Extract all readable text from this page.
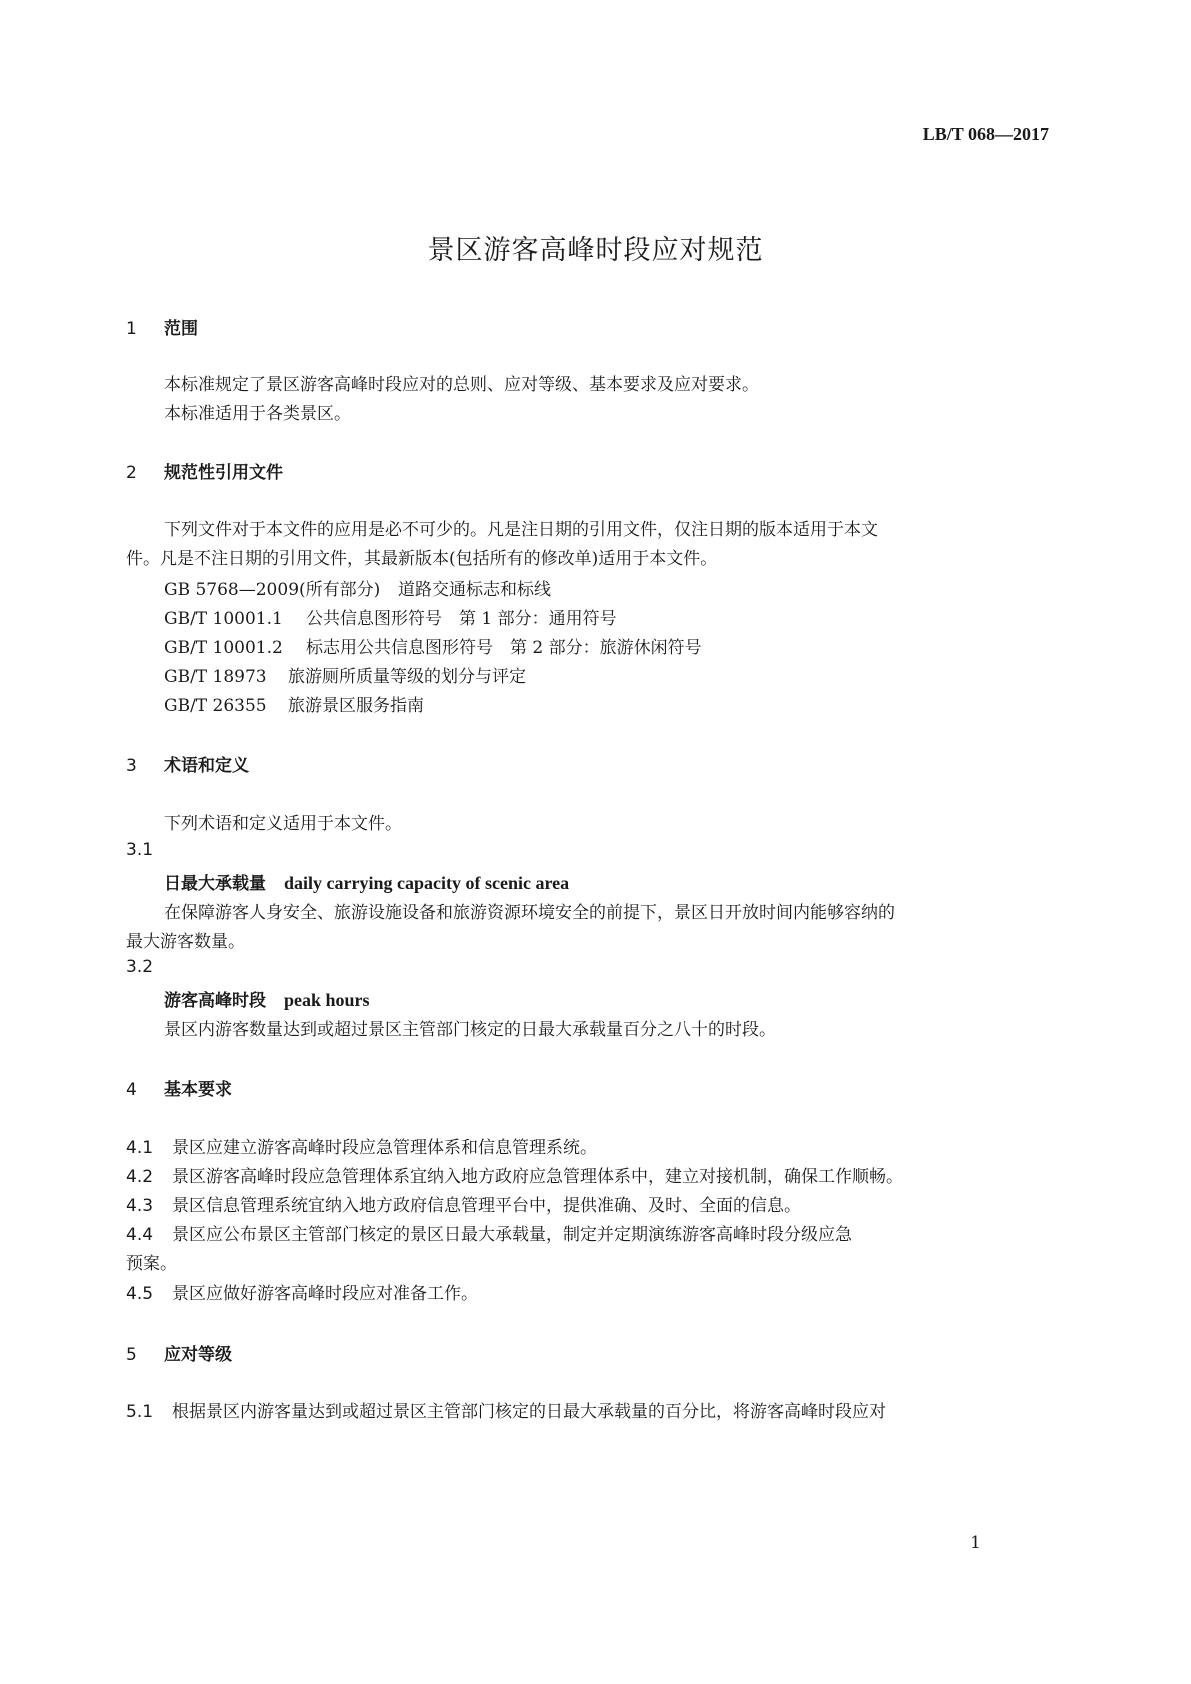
LB/T 068—2017
景区游客高峰时段应对规范
1 范围
本标准规定了景区游客高峰时段应对的总则、应对等级、基本要求及应对要求。
本标准适用于各类景区。
2 规范性引用文件
下列文件对于本文件的应用是必不可少的。凡是注日期的引用文件，仅注日期的版本适用于本文
件。凡是不注日期的引用文件，其最新版本(包括所有的修改单)适用于本文件。
GB 5768—2009(所有部分) 道路交通标志和标线
GB/T 10001.1 公共信息图形符号　第 1 部分：通用符号
GB/T 10001.2 标志用公共信息图形符号　第 2 部分：旅游休闲符号
GB/T 18973 旅游厕所质量等级的划分与评定
GB/T 26355 旅游景区服务指南
3 术语和定义
下列术语和定义适用于本文件。
3.1
日最大承载量 daily carrying capacity of scenic area
在保障游客人身安全、旅游设施设备和旅游资源环境安全的前提下，景区日开放时间内能够容纳的
最大游客数量。
3.2
游客高峰时段 peak hours
景区内游客数量达到或超过景区主管部门核定的日最大承载量百分之八十的时段。
4 基本要求
4.1 景区应建立游客高峰时段应急管理体系和信息管理系统。
4.2 景区游客高峰时段应急管理体系宜纳入地方政府应急管理体系中，建立对接机制，确保工作顺畅。
4.3 景区信息管理系统宜纳入地方政府信息管理平台中，提供准确、及时、全面的信息。
4.4 景区应公布景区主管部门核定的景区日最大承载量，制定并定期演练游客高峰时段分级应急
预案。
4.5 景区应做好游客高峰时段应对准备工作。
5 应对等级
5.1 根据景区内游客量达到或超过景区主管部门核定的日最大承载量的百分比，将游客高峰时段应对
1
